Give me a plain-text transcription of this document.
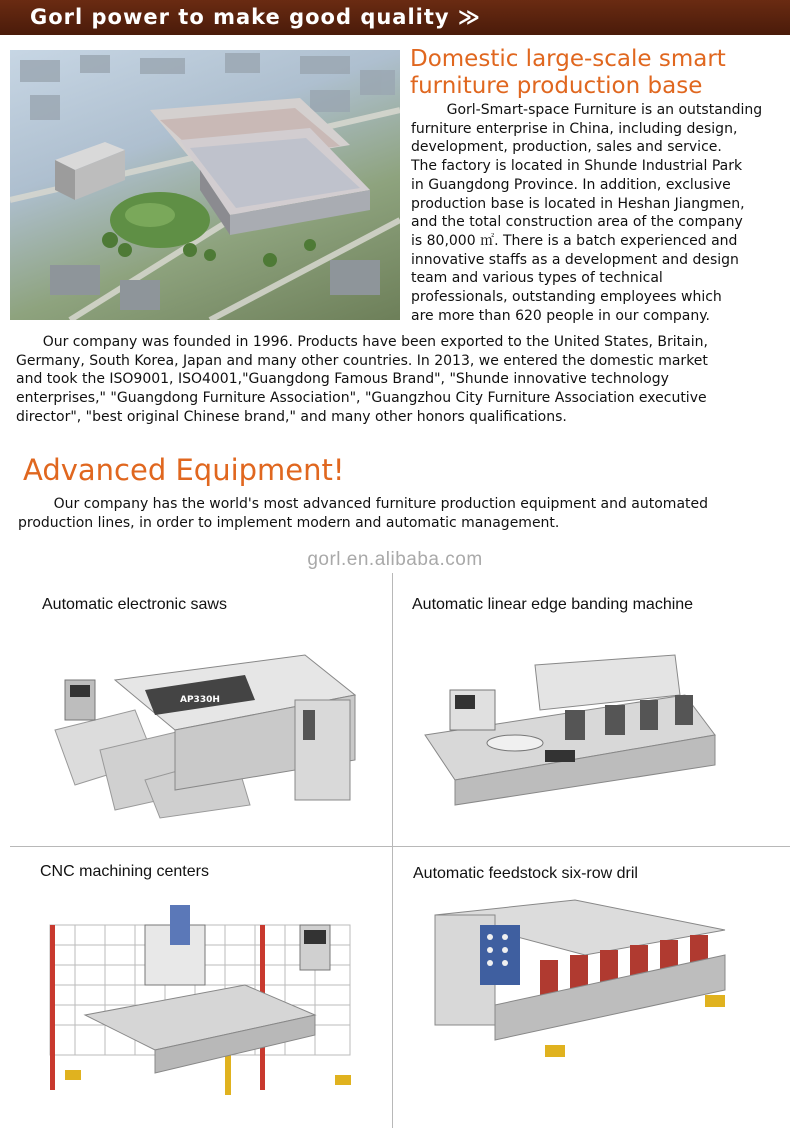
Gorl power to make good quality ≫
Domestic large-scale smart
furniture production base
Gorl-Smart-space Furniture is an outstanding
furniture enterprise in China, including design,
development, production, sales and service.
The factory is located in Shunde Industrial Park
in Guangdong Province. In addition, exclusive
production base is located in Heshan Jiangmen,
and the total construction area of the company
is 80,000 ㎡. There is a batch experienced and
innovative staffs as a development and design
team and various types of technical
professionals, outstanding employees which
are more than 620 people in our company.
Our company was founded in 1996. Products have been exported to the United States, Britain,
Germany, South Korea, Japan and many other countries. In 2013, we entered the domestic market
and took the ISO9001, ISO4001,"Guangdong Famous Brand", "Shunde innovative technology
enterprises," "Guangdong Furniture Association", "Guangzhou City Furniture Association executive
director", "best original Chinese brand," and many other honors qualifications.
Advanced Equipment!
Our company has the world's most advanced furniture production equipment and automated
production lines, in order to implement modern and automatic management.
gorl.en.alibaba.com
Automatic electronic saws	Automatic linear edge banding machine
CNC machining centers	Automatic feedstock six-row dril
AP330H
